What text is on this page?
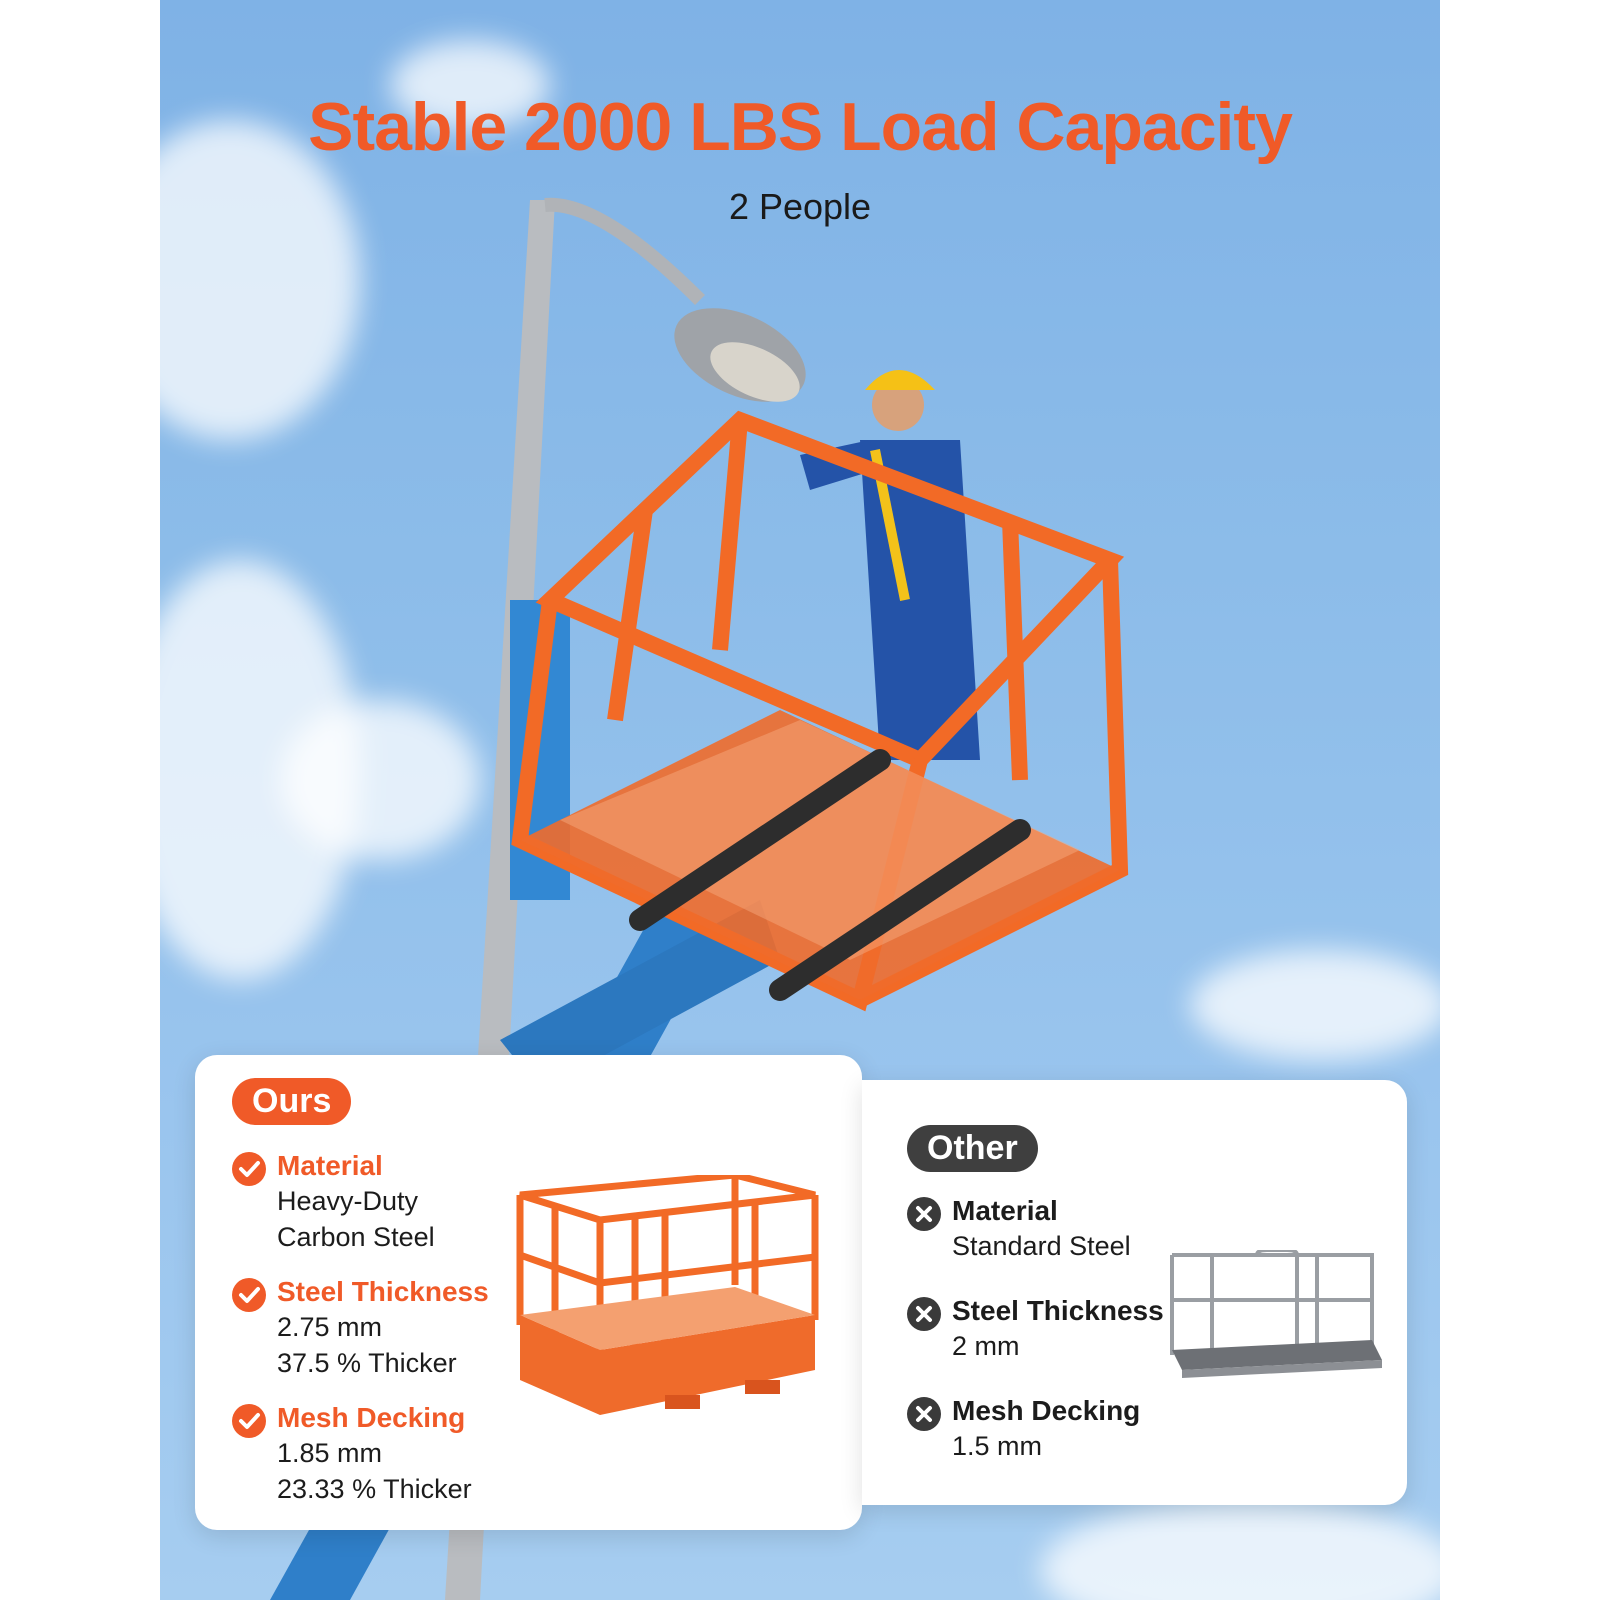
Stable 2000 LBS Load Capacity
2 People
Ours
Material
Heavy-Duty
Carbon Steel
Steel Thickness
2.75 mm
37.5 % Thicker
Mesh Decking
1.85 mm
23.33 % Thicker
Other
Material
Standard Steel
Steel Thickness
2 mm
Mesh Decking
1.5 mm
